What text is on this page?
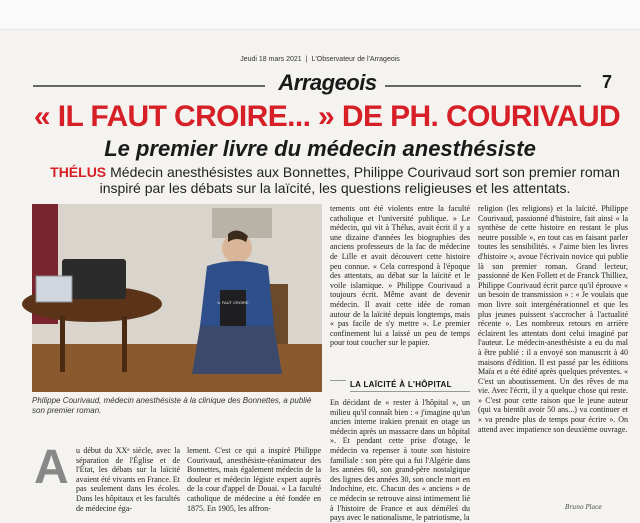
Jeudi 18 mars 2021 | L'Observateur de l'Arrageois
Arrageois	7
« IL FAUT CROIRE... » DE PH. COURIVAUD
Le premier livre du médecin anesthésiste
THÉLUS Médecin anesthésistes aux Bonnettes, Philippe Courivaud sort son premier roman inspiré par les débats sur la laïcité, les questions religieuses et les attentats.
IL FAUT CROIRE
Philippe Courivaud, médecin anesthésiste à la clinique des Bonnettes, a publié son premier roman.
A u début du XXᵉ siècle, avec la séparation de l'Église et de l'État, les débats sur la laïcité avaient été vivants en France. Et pas seulement dans les écoles. Dans les hôpitaux et les facultés de médecine éga-

lement. C'est ce qui a inspiré Philippe Courivaud, anesthésiste-réanimateur des Bonnettes, mais également médecin de la douleur et médecin légiste expert auprès de la cour d'appel de Douai. « La faculté catholique de médecine a été fondée en 1875. En 1905, les affron-

tements ont été violents entre la faculté catholique et l'université publique. » Le médecin, qui vit à Thélus, avait écrit il y a une dizaine d'années les biographies des anciens professeurs de la fac de médecine de Lille et avait découvert cette histoire peu connue. « Cela correspond à l'époque des attentats, au débat sur la laïcité et le voile islamique. » Philippe Courivaud a toujours écrit. Même avant de devenir médecin. Il avait cette idée de roman autour de la laïcité depuis longtemps, mais « pas facile de s'y mettre ». Le premier confinement lui a laissé un peu de temps pour tout coucher sur le papier.

LA LAÏCITÉ À L'HÔPITAL

En décidant de « rester à l'hôpital », un milieu qu'il connaît bien : « j'imagine qu'un ancien interne irakien prenait en otage un médecin après un massacre dans un hôpital ». Et pendant cette prise d'otage, le médecin va repenser à toute son histoire familiale : son père qui a fui l'Algérie dans les années 60, son grand-père nostalgique des lignes des années 30, son oncle mort en Indochine, etc. Chacun des « anciens » de ce médecin se retrouve ainsi intimement lié à l'histoire de France et aux déméleś du pays avec le nationalisme, le patriotisme, la

religion (les religions) et la laïcité. Philippe Courivaud, passionné d'histoire, fait ainsi « la synthèse de cette histoire en restant le plus neutre possible », en tout cas en faisant parler toutes les sensibilités. « J'aime bien les livres d'histoire », avoue l'écrivain novice qui publie là son premier roman. Grand lecteur, passionné de Ken Follett et de Franck Thilliez, Philippe Courivaud écrit parce qu'il éprouve « un besoin de transmission » : « Je voulais que mon livre soit intergénérationnel et que les plus jeunes puissent s'accrocher à l'actualité récente ». Les nombreux retours en arrière éclairent les attentats dont celui imaginé par l'auteur. Le médecin-anesthésiste a eu du mal à être publié : il a envoyé son manuscrit à 40 maisons d'édition. Il est passé par les éditions Maïa et a été édité après quelques préventes. « C'est un aboutissement. Un des rêves de ma vie. Avec l'écrit, il y a quelque chose qui reste. » C'est pour cette raison que le jeune auteur (qui va bientôt avoir 50 ans...) va continuer et « va prendre plus de temps pour écrire ». On attend avec impatience son deuxième ouvrage.

Bruno Place
